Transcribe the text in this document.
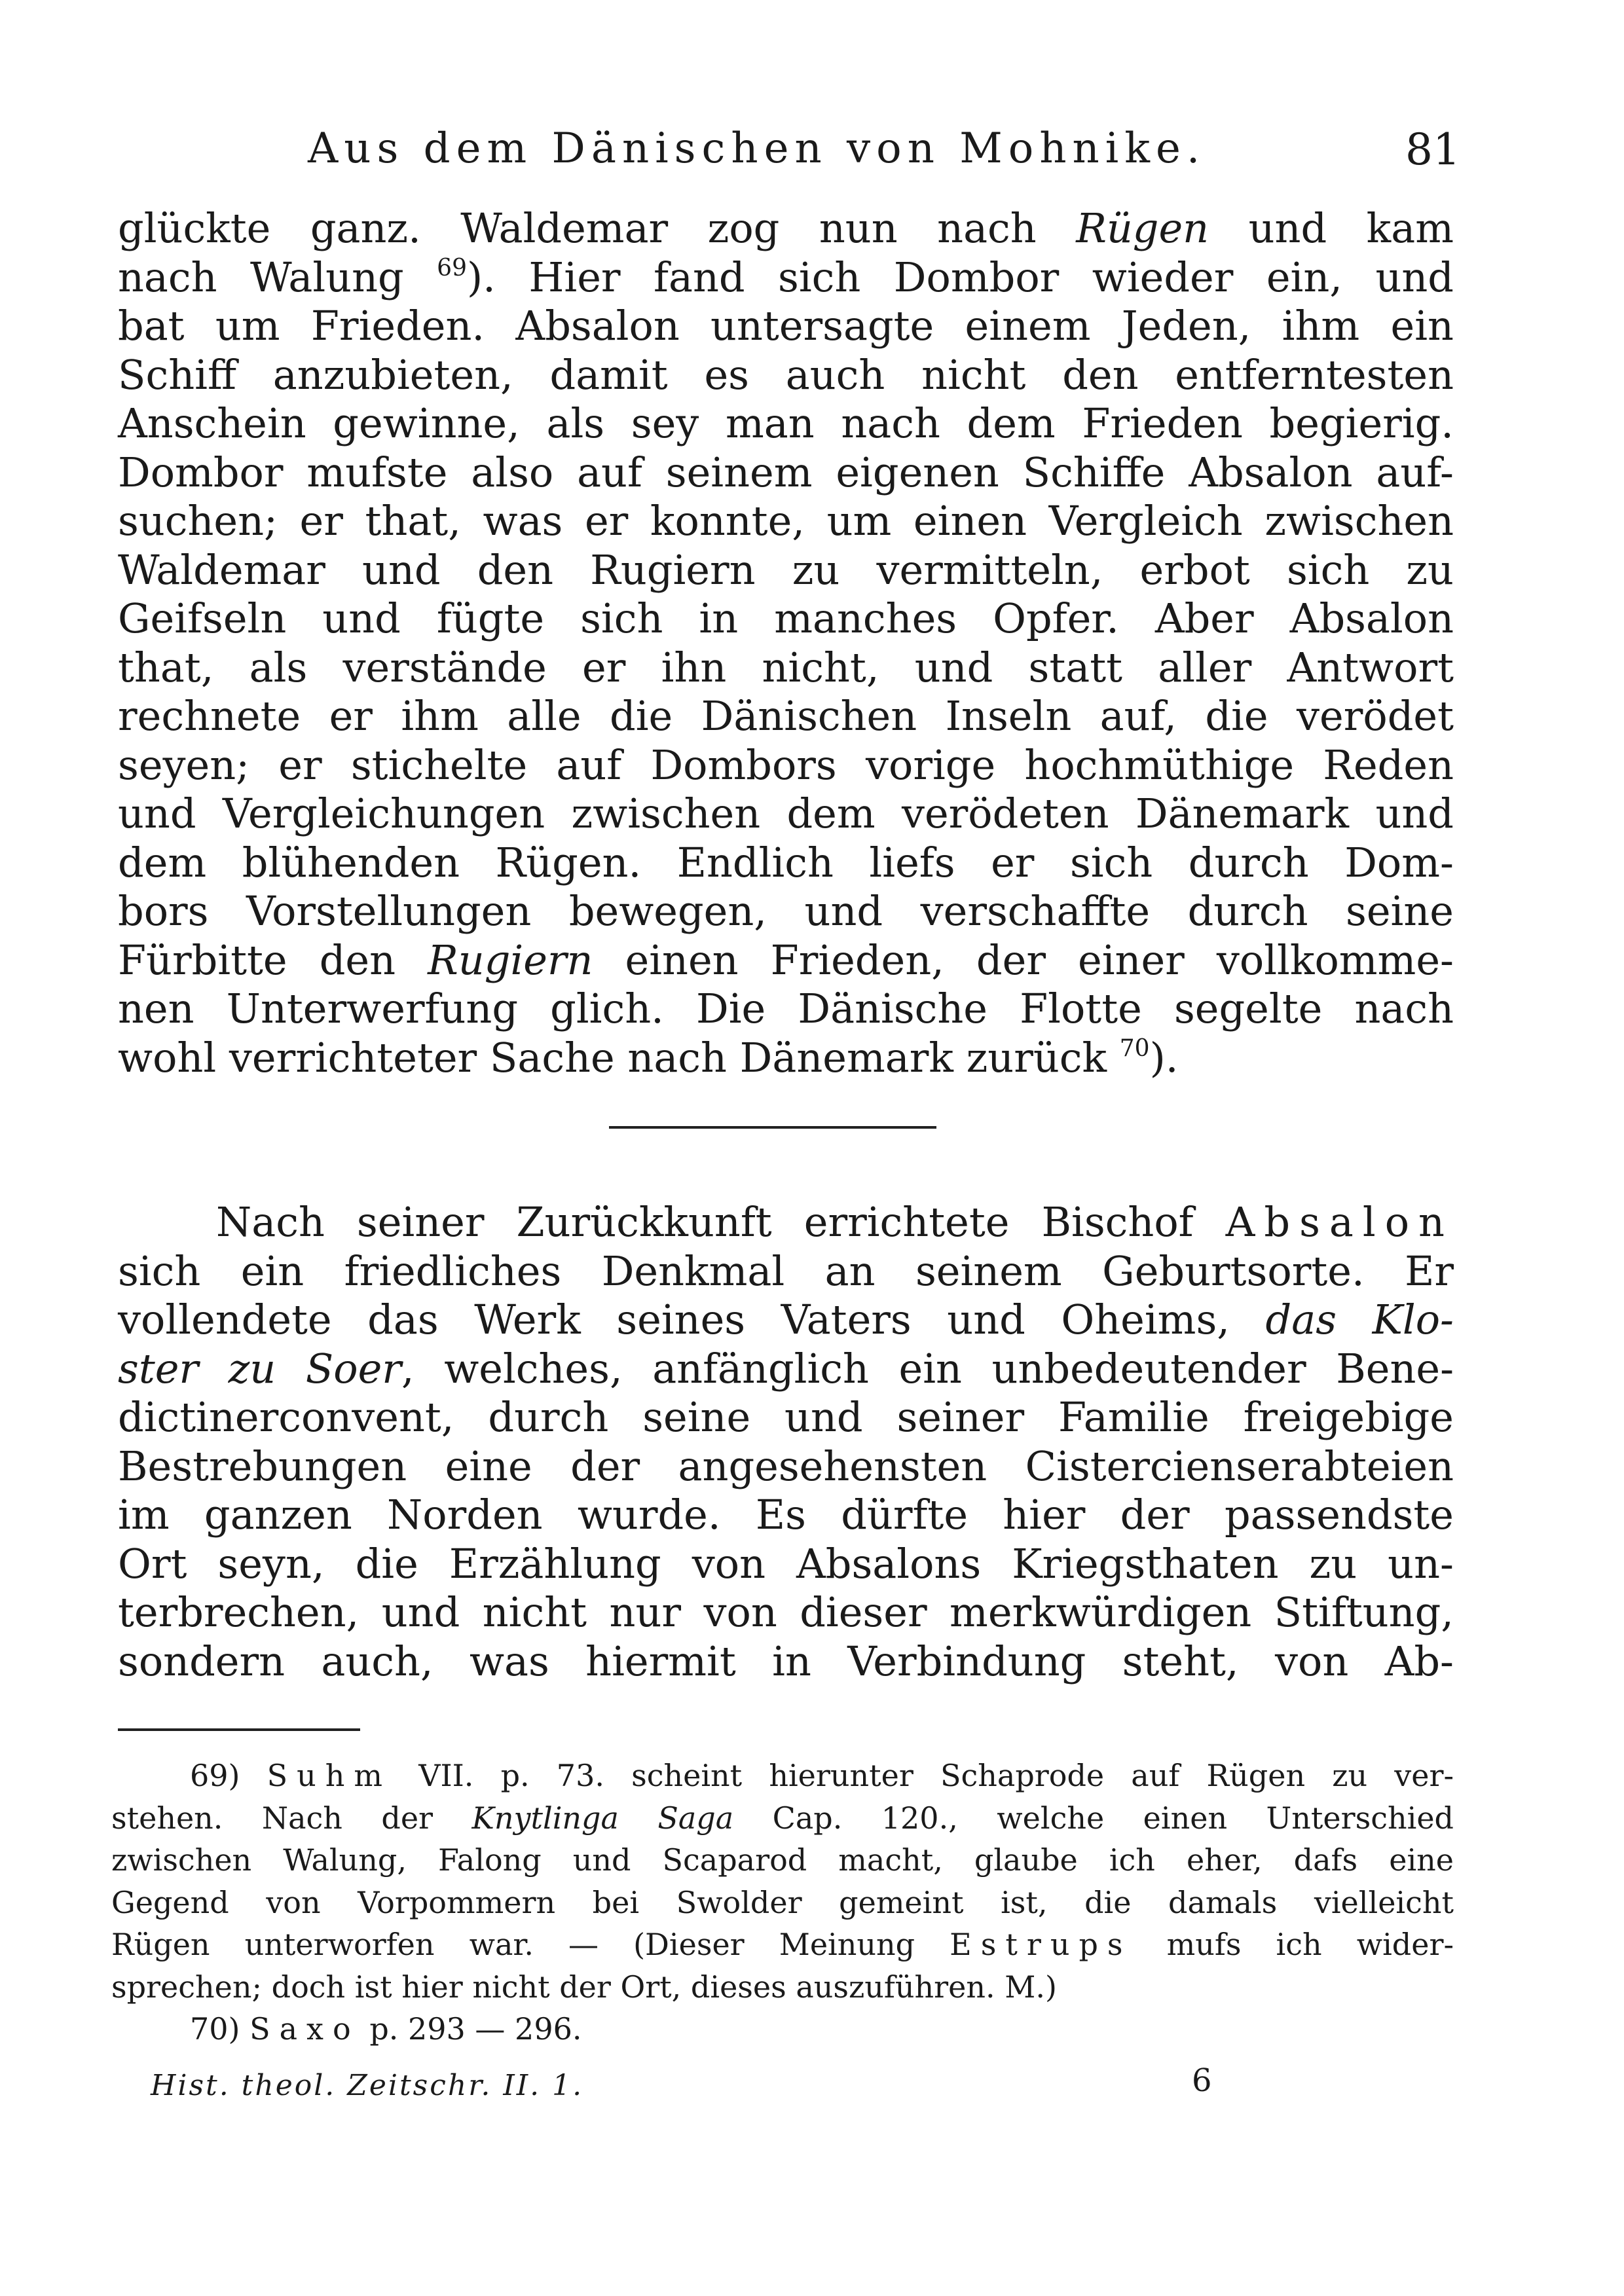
Aus dem Dänischen von Mohnike.	81
glückte ganz. Waldemar zog nun nach Rügen und kam
nach Walung $^{69}$). Hier fand sich Dombor wieder ein, und
bat um Frieden. Absalon untersagte einem Jeden, ihm ein
Schiff anzubieten, damit es auch nicht den entferntesten
Anschein gewinne, als sey man nach dem Frieden begierig.
Dombor mufste also auf seinem eigenen Schiffe Absalon auf-
suchen; er that, was er konnte, um einen Vergleich zwischen
Waldemar und den Rugiern zu vermitteln, erbot sich zu
Geifseln und fügte sich in manches Opfer. Aber Absalon
that, als verstände er ihn nicht, und statt aller Antwort
rechnete er ihm alle die Dänischen Inseln auf, die verödet
seyen; er stichelte auf Dombors vorige hochmüthige Reden
und Vergleichungen zwischen dem verödeten Dänemark und
dem blühenden Rügen. Endlich liefs er sich durch Dom-
bors Vorstellungen bewegen, und verschaffte durch seine
Fürbitte den Rugiern einen Frieden, der einer vollkommе-
nen Unterwerfung glich. Die Dänische Flotte segelte nach
wohl verrichteter Sache nach Dänemark zurück $^{70}$).
Nach seiner Zurückkunft errichtete Bischof Absalon
sich ein friedliches Denkmal an seinem Geburtsorte. Er
vollendete das Werk seines Vaters und Oheims, das Klo-
ster zu Soer, welches, anfänglich ein unbedeutender Bene-
dictinerconvent, durch seine und seiner Familie freigebige
Bestrebungen eine der angesehensten Cistercienserabteien
im ganzen Norden wurde. Es dürfte hier der passendste
Ort seyn, die Erzählung von Absalons Kriegsthaten zu un-
terbrechen, und nicht nur von dieser merkwürdigen Stiftung,
sondern auch, was hiermit in Verbindung steht, von Ab-
69) Suhm VII. p. 73. scheint hierunter Schaprode auf Rügen zu ver-
stehen. Nach der Knytlinga Saga Cap. 120., welche einen Unterschied
zwischen Walung, Falong und Scaparod macht, glaube ich eher, dafs eine
Gegend von Vorpommern bei Swolder gemeint ist, die damals vielleicht
Rügen unterworfen war. — (Dieser Meinung Estrups mufs ich wider-
sprechen; doch ist hier nicht der Ort, dieses auszuführen. M.)
70) Saxo p. 293 — 296.
Hist. theol. Zeitschr. II. 1.	6
